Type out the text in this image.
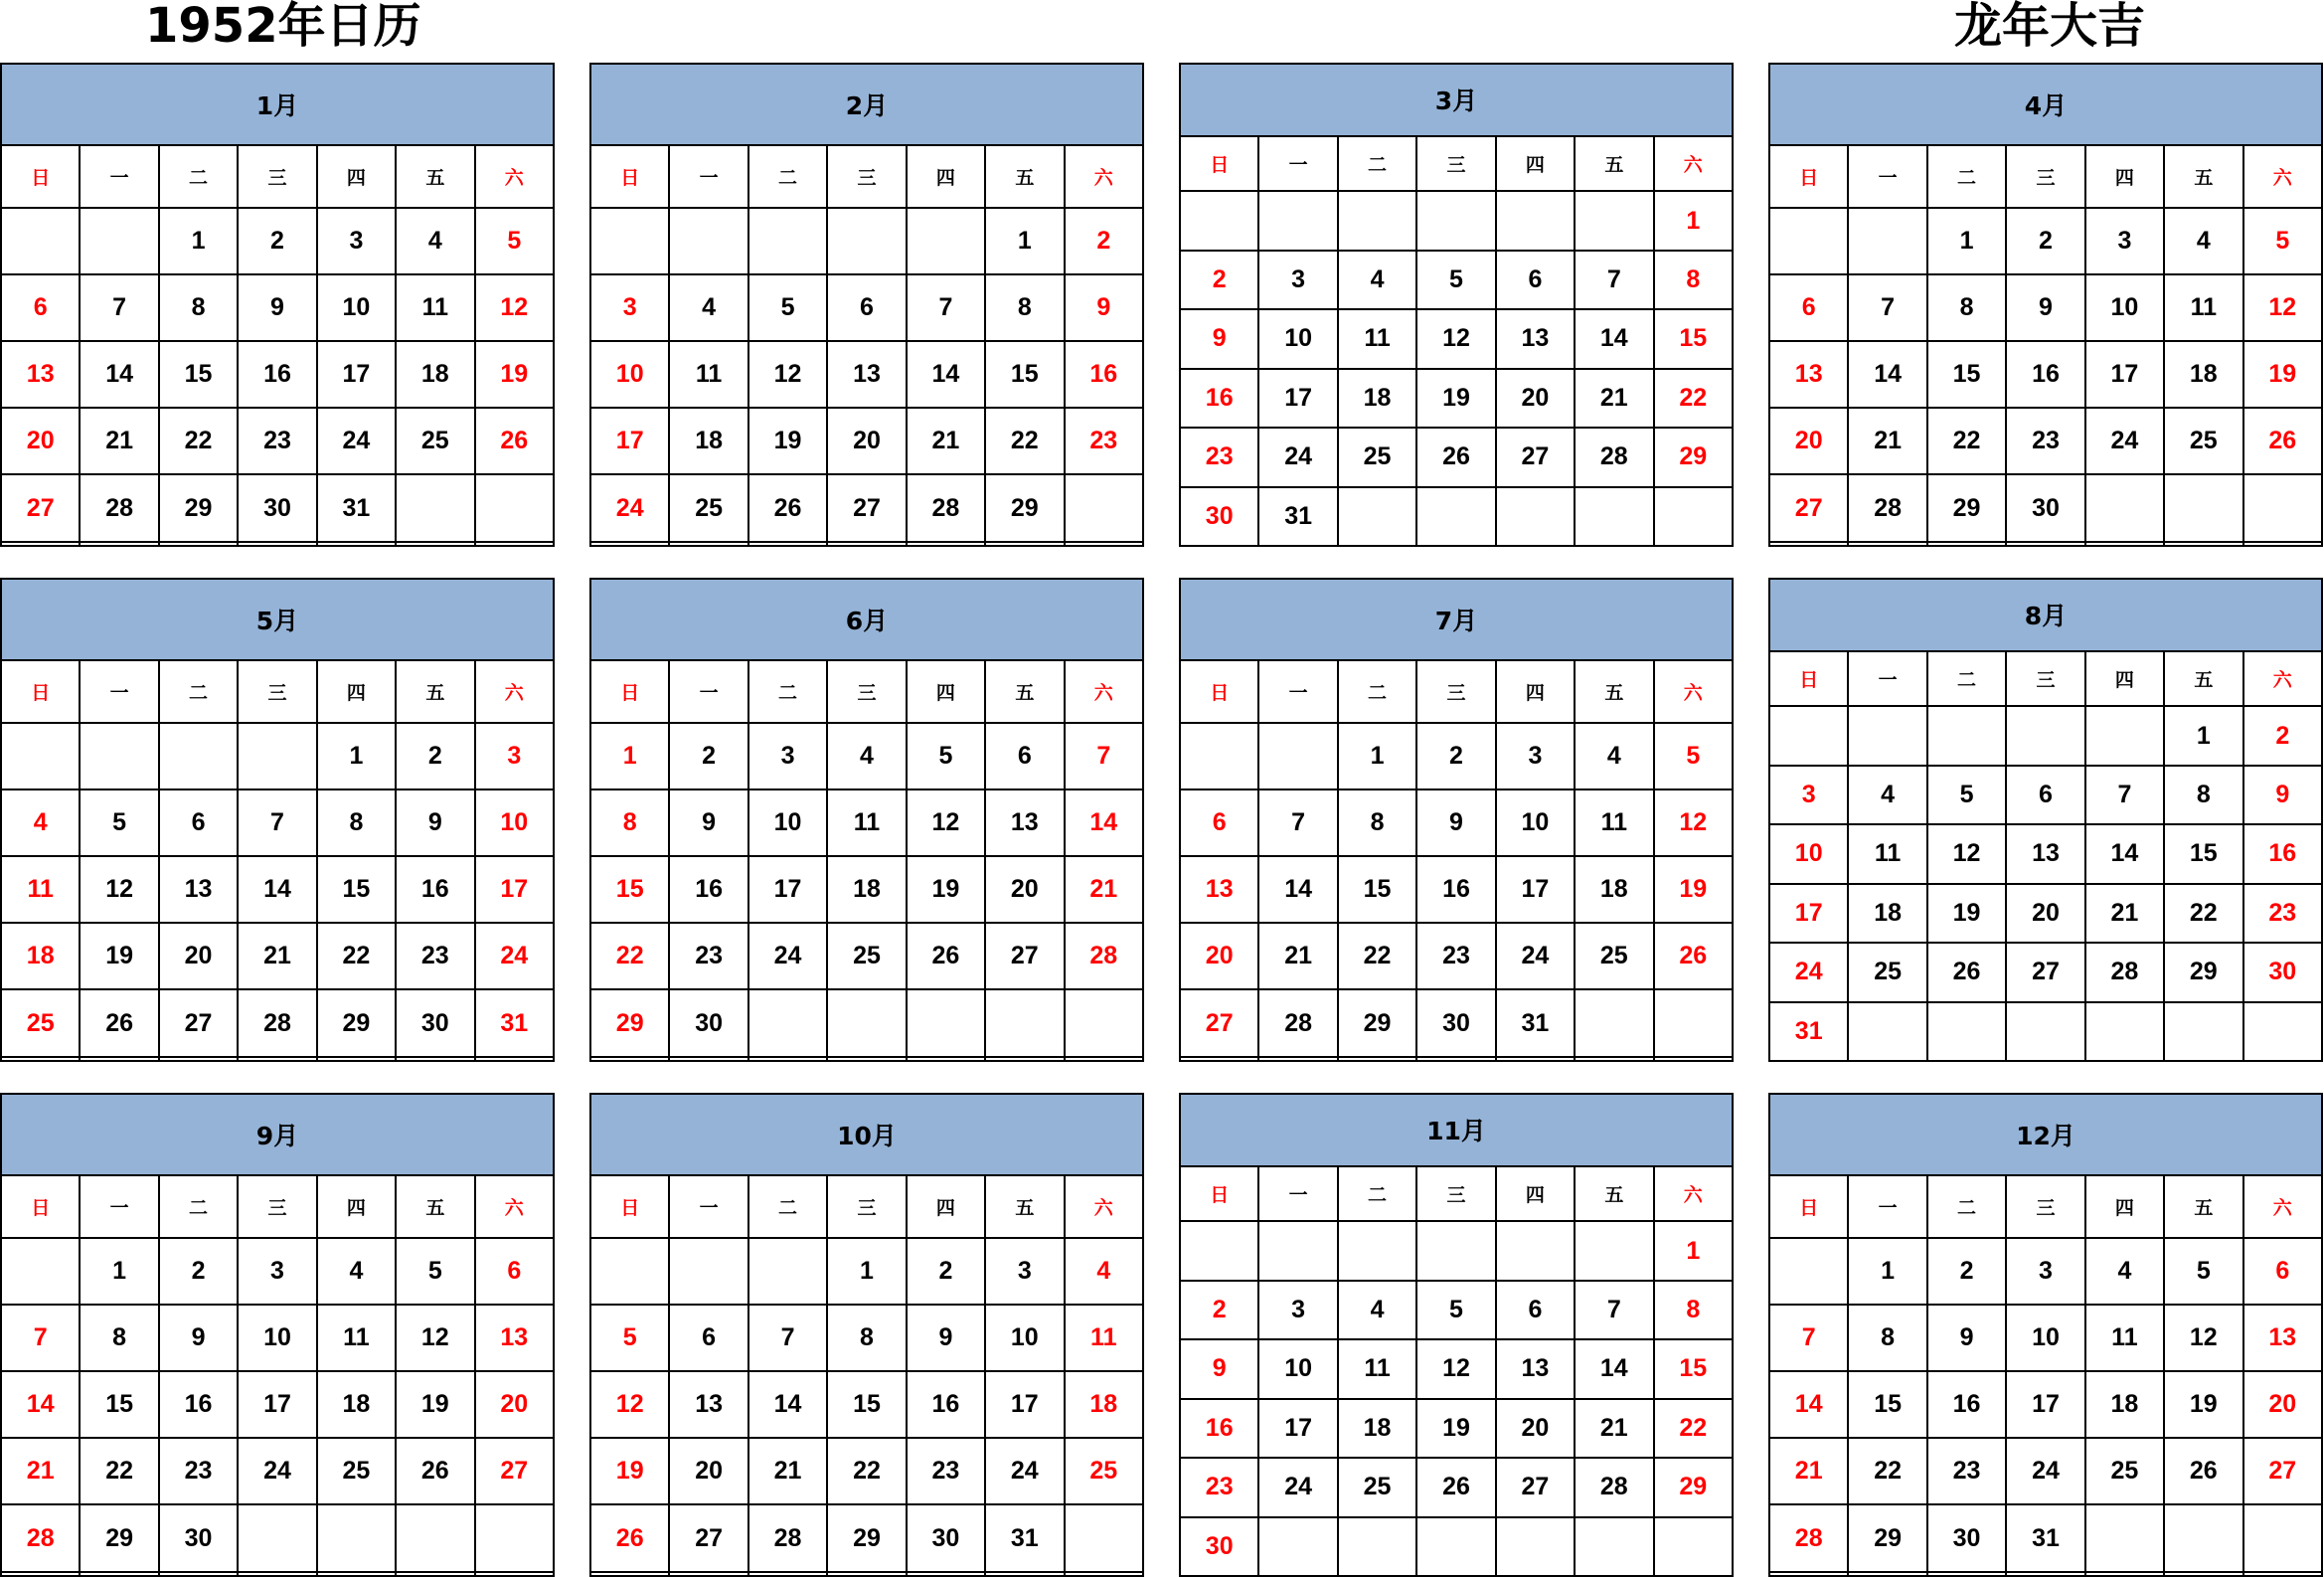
1952年日历	龙年大吉
1月						
日	一	二	三	四	五	六
		1	2	3	4	5
6	7	8	9	10	11	12
13	14	15	16	17	18	19
20	21	22	23	24	25	26
27	28	29	30	31		

2月						
日	一	二	三	四	五	六
					1	2
3	4	5	6	7	8	9
10	11	12	13	14	15	16
17	18	19	20	21	22	23
24	25	26	27	28	29	

3月						
日	一	二	三	四	五	六
						1
2	3	4	5	6	7	8
9	10	11	12	13	14	15
16	17	18	19	20	21	22
23	24	25	26	27	28	29
30	31					
4月						
日	一	二	三	四	五	六
		1	2	3	4	5
6	7	8	9	10	11	12
13	14	15	16	17	18	19
20	21	22	23	24	25	26
27	28	29	30			

5月						
日	一	二	三	四	五	六
				1	2	3
4	5	6	7	8	9	10
11	12	13	14	15	16	17
18	19	20	21	22	23	24
25	26	27	28	29	30	31

6月						
日	一	二	三	四	五	六
1	2	3	4	5	6	7
8	9	10	11	12	13	14
15	16	17	18	19	20	21
22	23	24	25	26	27	28
29	30					

7月						
日	一	二	三	四	五	六
		1	2	3	4	5
6	7	8	9	10	11	12
13	14	15	16	17	18	19
20	21	22	23	24	25	26
27	28	29	30	31		

8月						
日	一	二	三	四	五	六
					1	2
3	4	5	6	7	8	9
10	11	12	13	14	15	16
17	18	19	20	21	22	23
24	25	26	27	28	29	30
31						
9月						
日	一	二	三	四	五	六
	1	2	3	4	5	6
7	8	9	10	11	12	13
14	15	16	17	18	19	20
21	22	23	24	25	26	27
28	29	30				

10月						
日	一	二	三	四	五	六
			1	2	3	4
5	6	7	8	9	10	11
12	13	14	15	16	17	18
19	20	21	22	23	24	25
26	27	28	29	30	31	

11月						
日	一	二	三	四	五	六
						1
2	3	4	5	6	7	8
9	10	11	12	13	14	15
16	17	18	19	20	21	22
23	24	25	26	27	28	29
30						
12月						
日	一	二	三	四	五	六
	1	2	3	4	5	6
7	8	9	10	11	12	13
14	15	16	17	18	19	20
21	22	23	24	25	26	27
28	29	30	31			
